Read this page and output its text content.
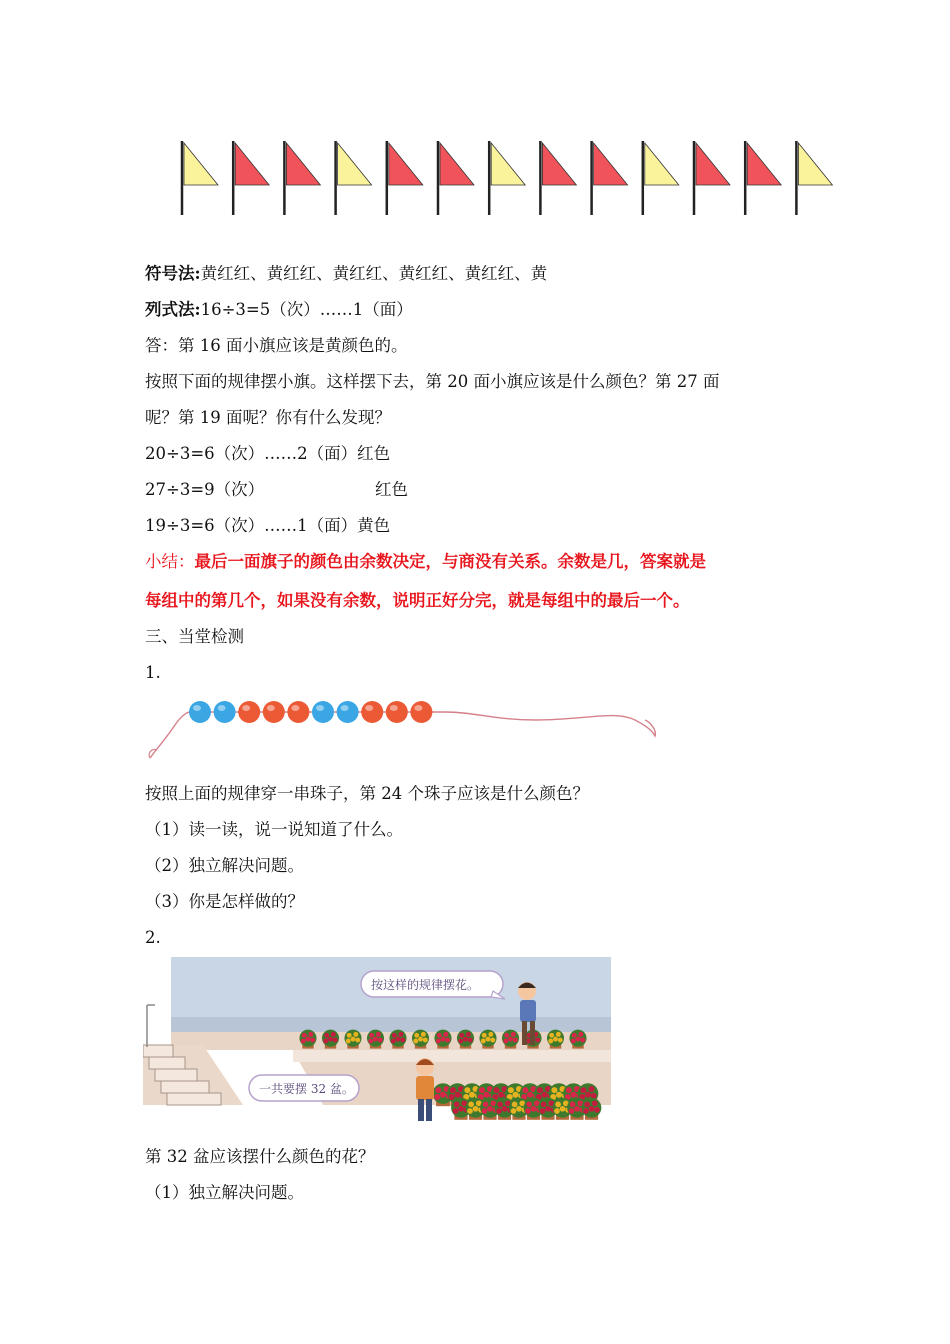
符号法:黄红红、黄红红、黄红红、黄红红、黄红红、黄
列式法:16÷3=5（次）……1（面）
答：第 16 面小旗应该是黄颜色的。
按照下面的规律摆小旗。这样摆下去，第 20 面小旗应该是什么颜色？第 27 面
呢？第 19 面呢？你有什么发现？
20÷3=6（次）……2（面）红色
27÷3=9（次）	红色
19÷3=6（次）……1（面）黄色
小结：最后一面旗子的颜色由余数决定，与商没有关系。余数是几，答案就是
每组中的第几个，如果没有余数，说明正好分完，就是每组中的最后一个。
三、当堂检测
1.
按照上面的规律穿一串珠子，第 24 个珠子应该是什么颜色？
（1）读一读，说一说知道了什么。
（2）独立解决问题。
（3）你是怎样做的？
2.
按这样的规律摆花。
一共要摆 32 盆。
第 32 盆应该摆什么颜色的花？
（1）独立解决问题。
